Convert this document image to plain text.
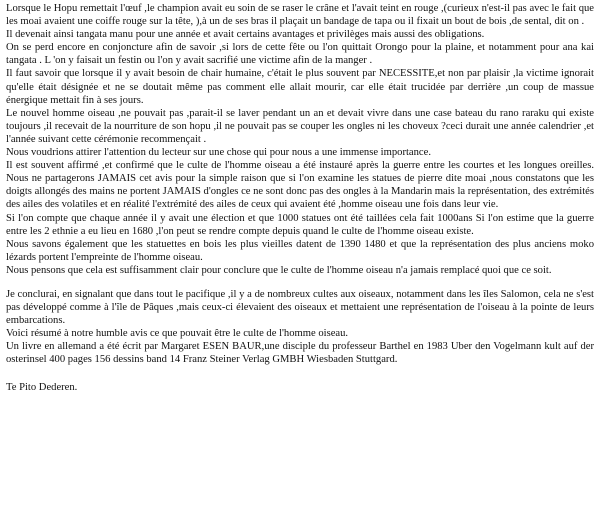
Lorsque le Hopu remettait l'œuf ,le champion avait eu soin de se raser le crâne et l'avait teint en rouge ,(curieux n'est-il pas avec le fait que les moai avaient une coiffe rouge sur la tête, ),à un de ses bras il plaçait un bandage de tapa ou il fixait un bout de bois ,de sental, dit on .

Il devenait ainsi tangata manu pour une année et avait certains avantages et privilèges mais aussi des obligations.

On se perd encore en conjoncture afin de savoir ,si lors de cette fête ou l'on quittait Orongo pour la plaine, et notamment pour ana kai tangata . L 'on y faisait un festin ou l'on y avait sacrifié une victime afin de la manger .

Il faut savoir que lorsque il y avait besoin de chair humaine, c'était le plus souvent par NECESSITE,et non par plaisir ,la victime ignorait qu'elle était désignée et ne se doutait même pas comment elle allait mourir, car elle était trucidée par derrière ,un coup de massue énergique mettait fin à ses jours.

Le nouvel homme oiseau ,ne pouvait pas ,parait-il se laver pendant un an et devait vivre dans une case bateau du rano raraku qui existe toujours ,il recevait de la nourriture de son hopu ,il ne pouvait pas se couper les ongles ni les choveux ?ceci durait une année calendrier ,et l'année suivant cette cérémonie recommençait .

Nous voudrions attirer l'attention du lecteur sur une chose qui pour nous a une immense importance.

Il est souvent affirmé ,et confirmé que le culte de l'homme oiseau a été instauré après la guerre entre les courtes et les longues oreilles. Nous ne partagerons JAMAIS cet avis pour la simple raison que si l'on examine les statues de pierre dite moai ,nous constatons que les doigts allongés des mains ne portent JAMAIS d'ongles ce ne sont donc pas des ongles à la Mandarin mais la représentation, des extrémités des ailes des volatiles et en réalité l'extrémité des ailes de ceux qui avaient été ,homme oiseau une fois dans leur vie.

Si l'on compte que chaque année il y avait une élection et que 1000 statues ont été taillées cela fait 1000ans Si l'on estime que la guerre entre les 2 ethnie a eu lieu en 1680 ,l'on peut se rendre compte depuis quand le culte de l'homme oiseau existe.

Nous savons également que les statuettes en bois les plus vieilles datent de 1390 1480 et que la représentation des plus anciens moko lézards portent l'empreinte de l'homme oiseau.

Nous pensons que cela est suffisamment clair pour conclure que le culte de l'homme oiseau n'a jamais remplacé quoi que ce soit.

Je conclurai, en signalant que dans tout le pacifique ,il y a de nombreux cultes aux oiseaux, notamment dans les îles Salomon, cela ne s'est pas développé comme à l'île de Pâques ,mais ceux-ci élevaient des oiseaux et mettaient une représentation de l'oiseau à la pointe de leurs embarcations.

Voici résumé à notre humble avis ce que pouvait être le culte de l'homme oiseau.

Un livre en allemand a été écrit par Margaret ESEN BAUR,une disciple du professeur Barthel en 1983 Uber den Vogelmann kult auf der osterinsel 400 pages 156 dessins band 14 Franz Steiner Verlag GMBH Wiesbaden Stuttgard.

Te Pito Dederen.
